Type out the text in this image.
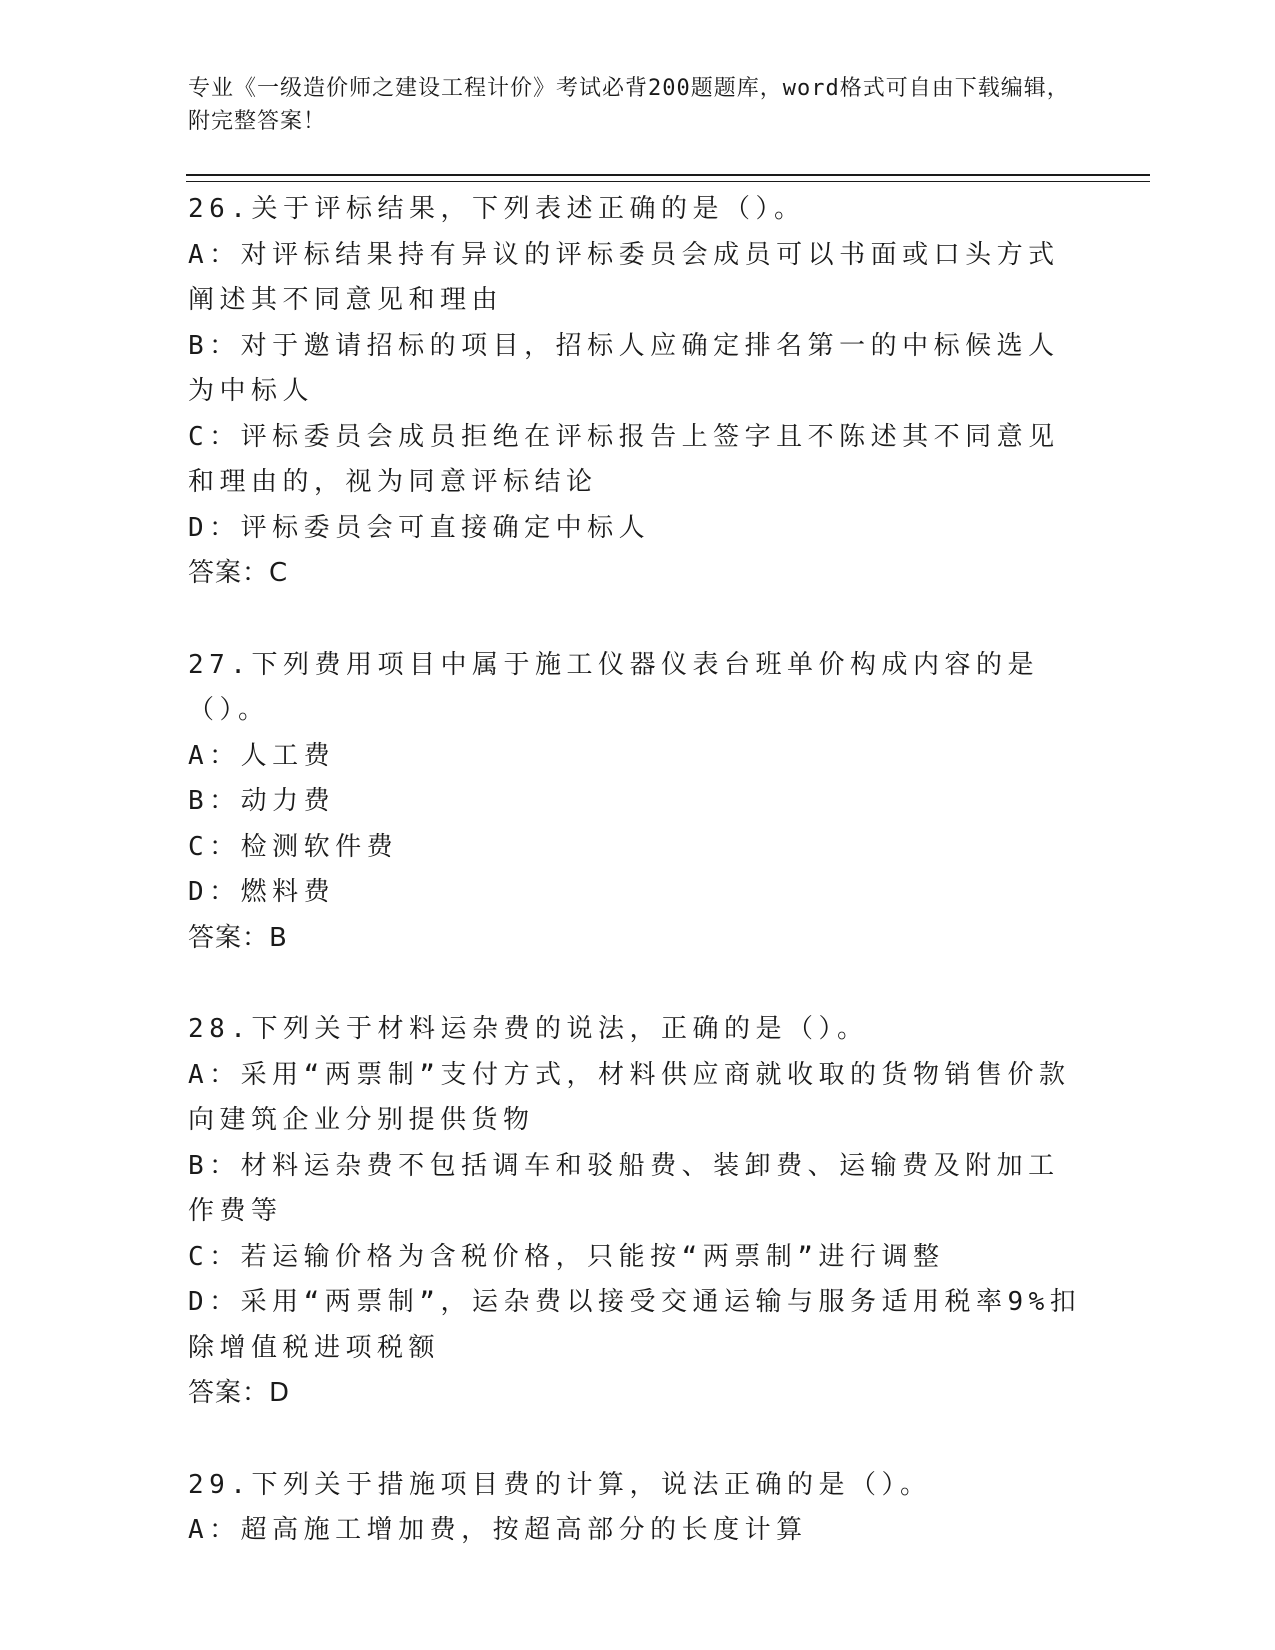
专业《一级造价师之建设工程计价》考试必背200题题库，word格式可自由下载编辑，附完整答案！
26.关于评标结果，下列表述正确的是（）。
A：对评标结果持有异议的评标委员会成员可以书面或口头方式阐述其不同意见和理由
B：对于邀请招标的项目，招标人应确定排名第一的中标候选人为中标人
C：评标委员会成员拒绝在评标报告上签字且不陈述其不同意见和理由的，视为同意评标结论
D：评标委员会可直接确定中标人
答案：C
27.下列费用项目中属于施工仪器仪表台班单价构成内容的是（）。
A：人工费
B：动力费
C：检测软件费
D：燃料费
答案：B
28.下列关于材料运杂费的说法，正确的是（）。
A：采用“两票制”支付方式，材料供应商就收取的货物销售价款向建筑企业分别提供货物
B：材料运杂费不包括调车和驳船费、装卸费、运输费及附加工作费等
C：若运输价格为含税价格，只能按“两票制”进行调整
D：采用“两票制”，运杂费以接受交通运输与服务适用税率9%扣除增值税进项税额
答案：D
29.下列关于措施项目费的计算，说法正确的是（）。
A：超高施工增加费，按超高部分的长度计算
